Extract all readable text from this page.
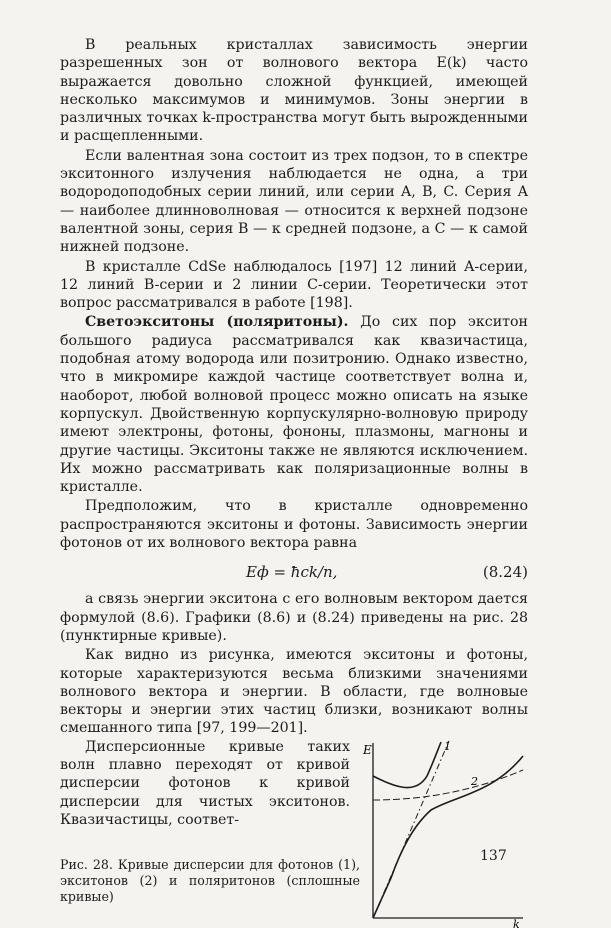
В реальных кристаллах зависимость энергии разрешенных зон от волнового вектора E(k) часто выражается довольно сложной функцией, имеющей несколько максимумов и минимумов. Зоны энергии в различных точках k-пространства могут быть вырожденными и расщепленными.

Если валентная зона состоит из трех подзон, то в спектре экситонного излучения наблюдается не одна, а три водородоподобных серии линий, или серии A, B, C. Серия A — наиболее длинноволновая — относится к верхней подзоне валентной зоны, серия B — к средней подзоне, а C — к самой нижней подзоне.

В кристалле CdSe наблюдалось [197] 12 линий A-серии, 12 линий B-серии и 2 линии C-серии. Теоретически этот вопрос рассматривался в работе [198].

Светоэкситоны (поляритоны). До сих пор экситон большого радиуса рассматривался как квазичастица, подобная атому водорода или позитронию. Однако известно, что в микромире каждой частице соответствует волна и, наоборот, любой волновой процесс можно описать на языке корпускул. Двойственную корпускулярно-волновую природу имеют электроны, фотоны, фононы, плазмоны, магноны и другие частицы. Экситоны также не являются исключением. Их можно рассматривать как поляризационные волны в кристалле.

Предположим, что в кристалле одновременно распространяются экситоны и фотоны. Зависимость энергии фотонов от их волнового вектора равна

Eф = ħck/n,	(8.24)

а связь энергии экситона с его волновым вектором дается формулой (8.6). Графики (8.6) и (8.24) приведены на рис. 28 (пунктирные кривые).

Как видно из рисунка, имеются экситоны и фотоны, которые характеризуются весьма близкими значениями волнового вектора и энергии. В области, где волновые векторы и энергии этих частиц близки, возникают волны смешанного типа [97, 199—201].

Дисперсионные кривые таких волн плавно переходят от кривой дисперсии фотонов к кривой дисперсии для чистых экситонов. Квазичастицы, соответ-

Рис. 28. Кривые дисперсии для фотонов (1), экситонов (2) и поляритонов (сплошные кривые)
E
k
1
2
137
